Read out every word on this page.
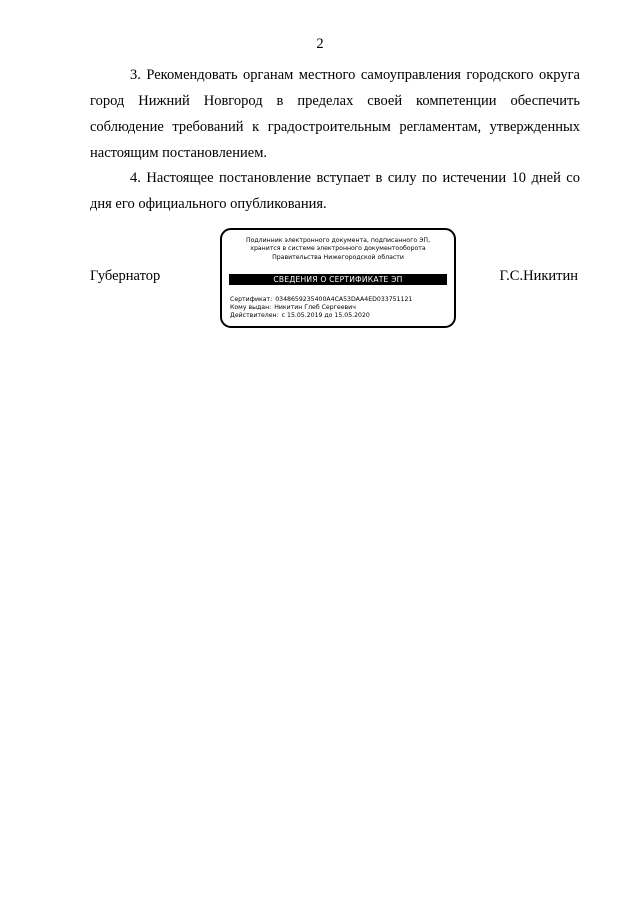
2

3. Рекомендовать органам местного самоуправления городского округа город Нижний Новгород в пределах своей компетенции обеспечить соблюдение требований к градостроительным регламентам, утвержденных настоящим постановлением.

4. Настоящее постановление вступает в силу по истечении 10 дней со дня его официального опубликования.

Губернатор
Подлинник электронного документа, подписанного ЭП,
хранится в системе электронного документооборота
Правительства Нижегородской области
СВЕДЕНИЯ О СЕРТИФИКАТЕ ЭП
Сертификат: 0348659235400A4CA53DAA4ED033751121
Кому выдан: Никитин Глеб Сергеевич
Действителен: с 15.05.2019 до 15.05.2020
Г.С.Никитин
